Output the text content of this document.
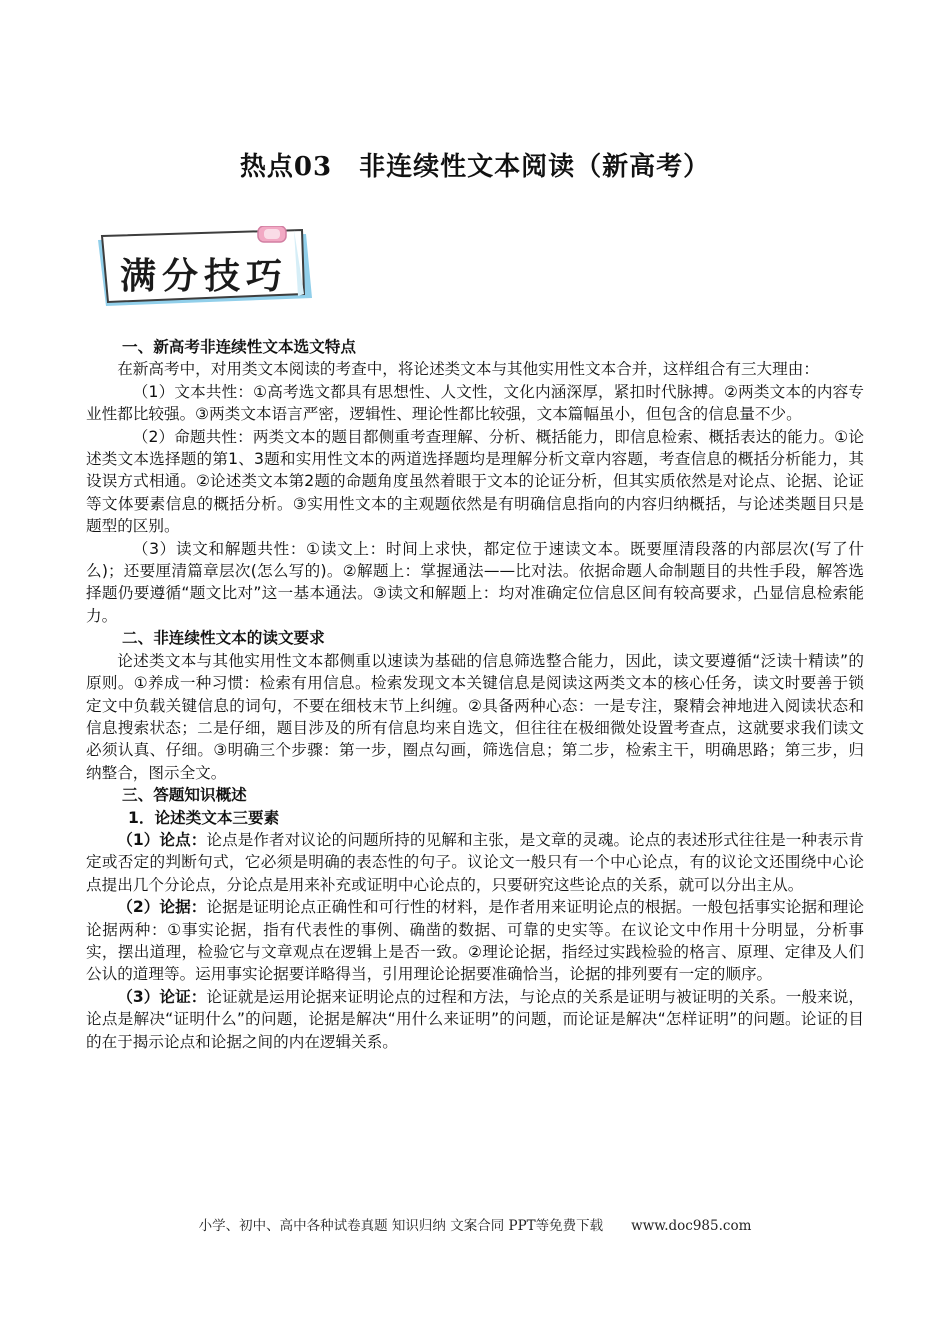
热点03　非连续性文本阅读（新高考）
满分技巧

一、新高考非连续性文本选文特点

在新高考中，对用类文本阅读的考查中，将论述类文本与其他实用性文本合并，这样组合有三大理由：

（1）文本共性：①高考选文都具有思想性、人文性，文化内涵深厚，紧扣时代脉搏。②两类文本的内容专业性都比较强。③两类文本语言严密，逻辑性、理论性都比较强，文本篇幅虽小，但包含的信息量不少。

（2）命题共性：两类文本的题目都侧重考查理解、分析、概括能力，即信息检索、概括表达的能力。①论述类文本选择题的第1、3题和实用性文本的两道选择题均是理解分析文章内容题，考查信息的概括分析能力，其设误方式相通。②论述类文本第2题的命题角度虽然着眼于文本的论证分析，但其实质依然是对论点、论据、论证等文体要素信息的概括分析。③实用性文本的主观题依然是有明确信息指向的内容归纳概括，与论述类题目只是题型的区别。

（3）读文和解题共性：①读文上：时间上求快，都定位于速读文本。既要厘清段落的内部层次(写了什么)；还要厘清篇章层次(怎么写的)。②解题上：掌握通法——比对法。依据命题人命制题目的共性手段，解答选择题仍要遵循“题文比对”这一基本通法。③读文和解题上：均对准确定位信息区间有较高要求，凸显信息检索能力。

二、非连续性文本的读文要求

论述类文本与其他实用性文本都侧重以速读为基础的信息筛选整合能力，因此，读文要遵循“泛读十精读”的原则。①养成一种习惯：检索有用信息。检索发现文本关键信息是阅读这两类文本的核心任务，读文时要善于锁定文中负载关键信息的词句，不要在细枝末节上纠缠。②具备两种心态：一是专注，聚精会神地进入阅读状态和信息搜索状态；二是仔细，题目涉及的所有信息均来自选文，但往往在极细微处设置考查点，这就要求我们读文必须认真、仔细。③明确三个步骤：第一步，圈点勾画，筛选信息；第二步，检索主干，明确思路；第三步，归纳整合，图示全文。

三、答题知识概述

1．论述类文本三要素

（1）论点：论点是作者对议论的问题所持的见解和主张，是文章的灵魂。论点的表述形式往往是一种表示肯定或否定的判断句式，它必须是明确的表态性的句子。议论文一般只有一个中心论点，有的议论文还围绕中心论点提出几个分论点，分论点是用来补充或证明中心论点的，只要研究这些论点的关系，就可以分出主从。

（2）论据：论据是证明论点正确性和可行性的材料，是作者用来证明论点的根据。一般包括事实论据和理论论据两种：①事实论据，指有代表性的事例、确凿的数据、可靠的史实等。在议论文中作用十分明显，分析事实，摆出道理，检验它与文章观点在逻辑上是否一致。②理论论据，指经过实践检验的格言、原理、定律及人们公认的道理等。运用事实论据要详略得当，引用理论论据要准确恰当，论据的排列要有一定的顺序。

（3）论证：论证就是运用论据来证明论点的过程和方法，与论点的关系是证明与被证明的关系。一般来说，论点是解决“证明什么”的问题，论据是解决“用什么来证明”的问题，而论证是解决“怎样证明”的问题。论证的目的在于揭示论点和论据之间的内在逻辑关系。

小学、初中、高中各种试卷真题 知识归纳 文案合同 PPT等免费下载 www.doc985.com
